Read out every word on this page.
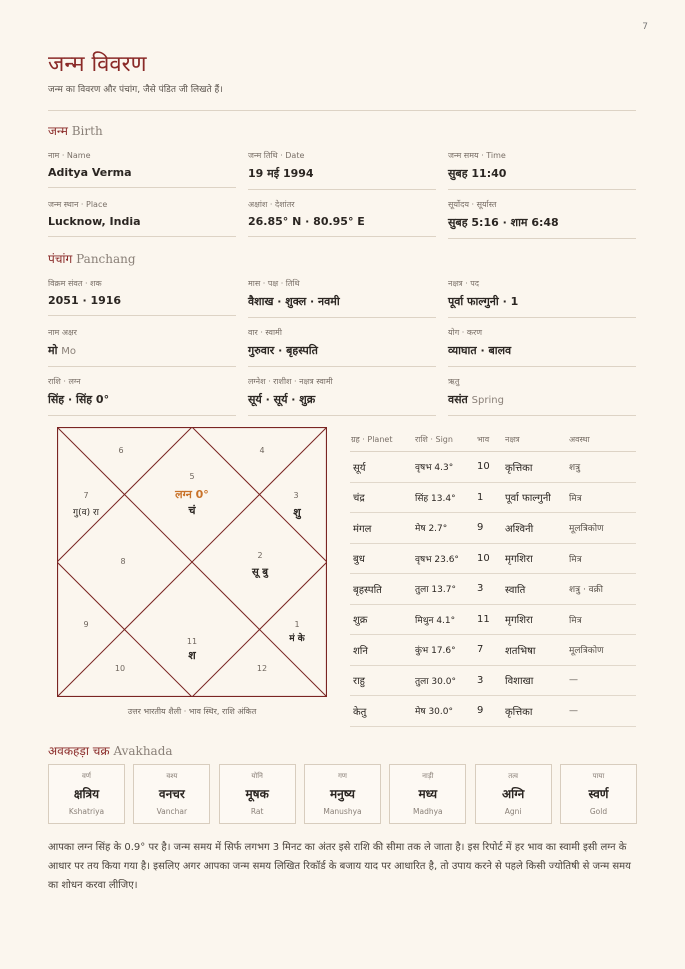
7
जन्म विवरण
जन्म का विवरण और पंचांग, जैसे पंडित जी लिखते हैं।
जन्म Birth
नाम · Name
Aditya Verma
जन्म तिथि · Date
19 मई 1994
जन्म समय · Time
सुबह 11:40
जन्म स्थान · Place
Lucknow, India
अक्षांश · देशांतर
26.85° N · 80.95° E
सूर्योदय · सूर्यास्त
सुबह 5:16 · शाम 6:48
पंचांग Panchang
विक्रम संवत · शक
2051 · 1916
मास · पक्ष · तिथि
वैशाख · शुक्ल · नवमी
नक्षत्र · पद
पूर्वा फाल्गुनी · 1
नाम अक्षर
मो Mo
वार · स्वामी
गुरुवार · बृहस्पति
योग · करण
व्याघात · बालव
राशि · लग्न
सिंह · सिंह 0°
लग्नेश · राशीश · नक्षत्र स्वामी
सूर्य · सूर्य · शुक्र
ऋतु
वसंत Spring
5
4
3
2
1
12
11
10
9
8
7
6
लग्न 0°
चं	शु
सू बु
मं के
श
गु(व) रा
उत्तर भारतीय शैली · भाव स्थिर, राशि अंकित
ग्रह · Planet	राशि · Sign	भाव	नक्षत्र	अवस्था
सूर्य	वृषभ 4.3°	10	कृत्तिका	शत्रु
चंद्र	सिंह 13.4°	1	पूर्वा फाल्गुनी	मित्र
मंगल	मेष 2.7°	9	अश्विनी	मूलत्रिकोण
बुध	वृषभ 23.6°	10	मृगशिरा	मित्र
बृहस्पति	तुला 13.7°	3	स्वाति	शत्रु · वक्री
शुक्र	मिथुन 4.1°	11	मृगशिरा	मित्र
शनि	कुंभ 17.6°	7	शतभिषा	मूलत्रिकोण
राहु	तुला 30.0°	3	विशाखा	—
केतु	मेष 30.0°	9	कृत्तिका	—
अवकहड़ा चक्र Avakhada
वर्ण
क्षत्रिय
Kshatriya
वश्य
वनचर
Vanchar
योनि
मूषक
Rat
गण
मनुष्य
Manushya
नाड़ी
मध्य
Madhya
तत्व
अग्नि
Agni
पाया
स्वर्ण
Gold
आपका लग्न सिंह के 0.9° पर है। जन्म समय में सिर्फ लगभग 3 मिनट का अंतर इसे राशि की सीमा तक ले जाता है। इस रिपोर्ट में हर भाव का स्वामी इसी लग्न के आधार पर तय किया गया है। इसलिए अगर आपका जन्म समय लिखित रिकॉर्ड के बजाय याद पर आधारित है, तो उपाय करने से पहले किसी ज्योतिषी से जन्म समय का शोधन करवा लीजिए।
